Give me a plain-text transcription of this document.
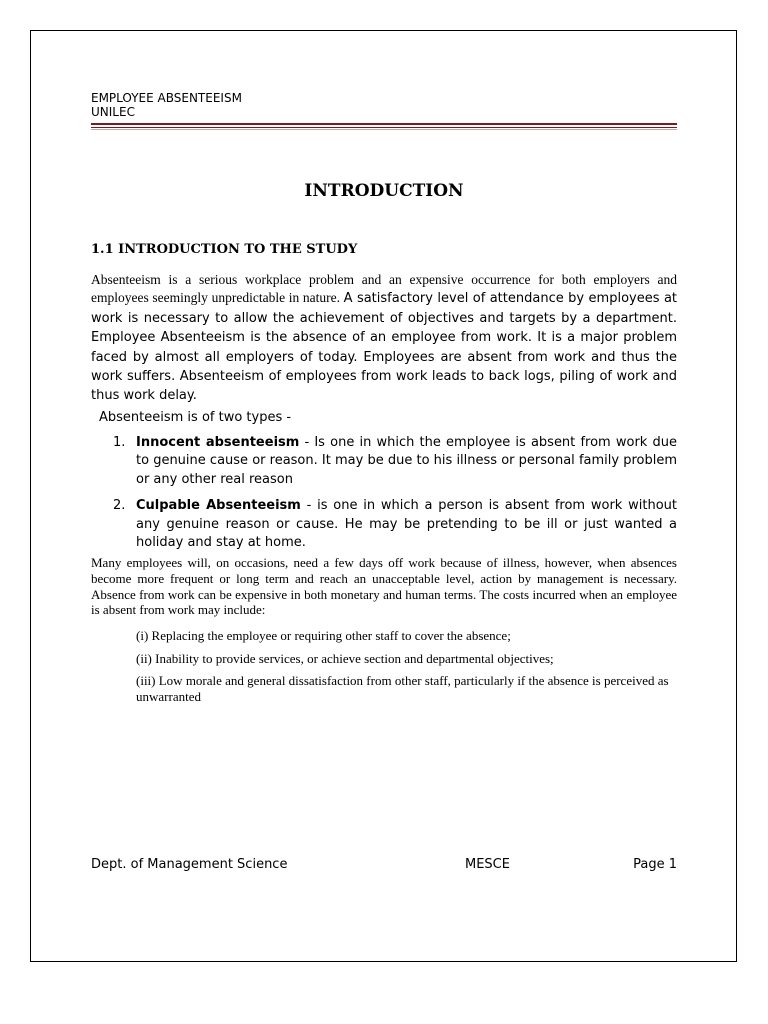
EMPLOYEE ABSENTEEISM
UNILEC
INTRODUCTION
1.1 INTRODUCTION TO THE STUDY
Absenteeism is a serious workplace problem and an expensive occurrence for both employers and employees seemingly unpredictable in nature. A satisfactory level of attendance by employees at work is necessary to allow the achievement of objectives and targets by a department. Employee Absenteeism is the absence of an employee from work. It is a major problem faced by almost all employers of today. Employees are absent from work and thus the work suffers. Absenteeism of employees from work leads to back logs, piling of work and thus work delay.
Absenteeism is of two types -
1. Innocent absenteeism - Is one in which the employee is absent from work due to genuine cause or reason. It may be due to his illness or personal family problem or any other real reason
2. Culpable Absenteeism - is one in which a person is absent from work without any genuine reason or cause. He may be pretending to be ill or just wanted a holiday and stay at home.
Many employees will, on occasions, need a few days off work because of illness, however, when absences become more frequent or long term and reach an unacceptable level, action by management is necessary. Absence from work can be expensive in both monetary and human terms. The costs incurred when an employee is absent from work may include:
(i) Replacing the employee or requiring other staff to cover the absence;
(ii) Inability to provide services, or achieve section and departmental objectives;
(iii) Low morale and general dissatisfaction from other staff, particularly if the absence is perceived as unwarranted
Dept. of Management Science	MESCE	Page 1
